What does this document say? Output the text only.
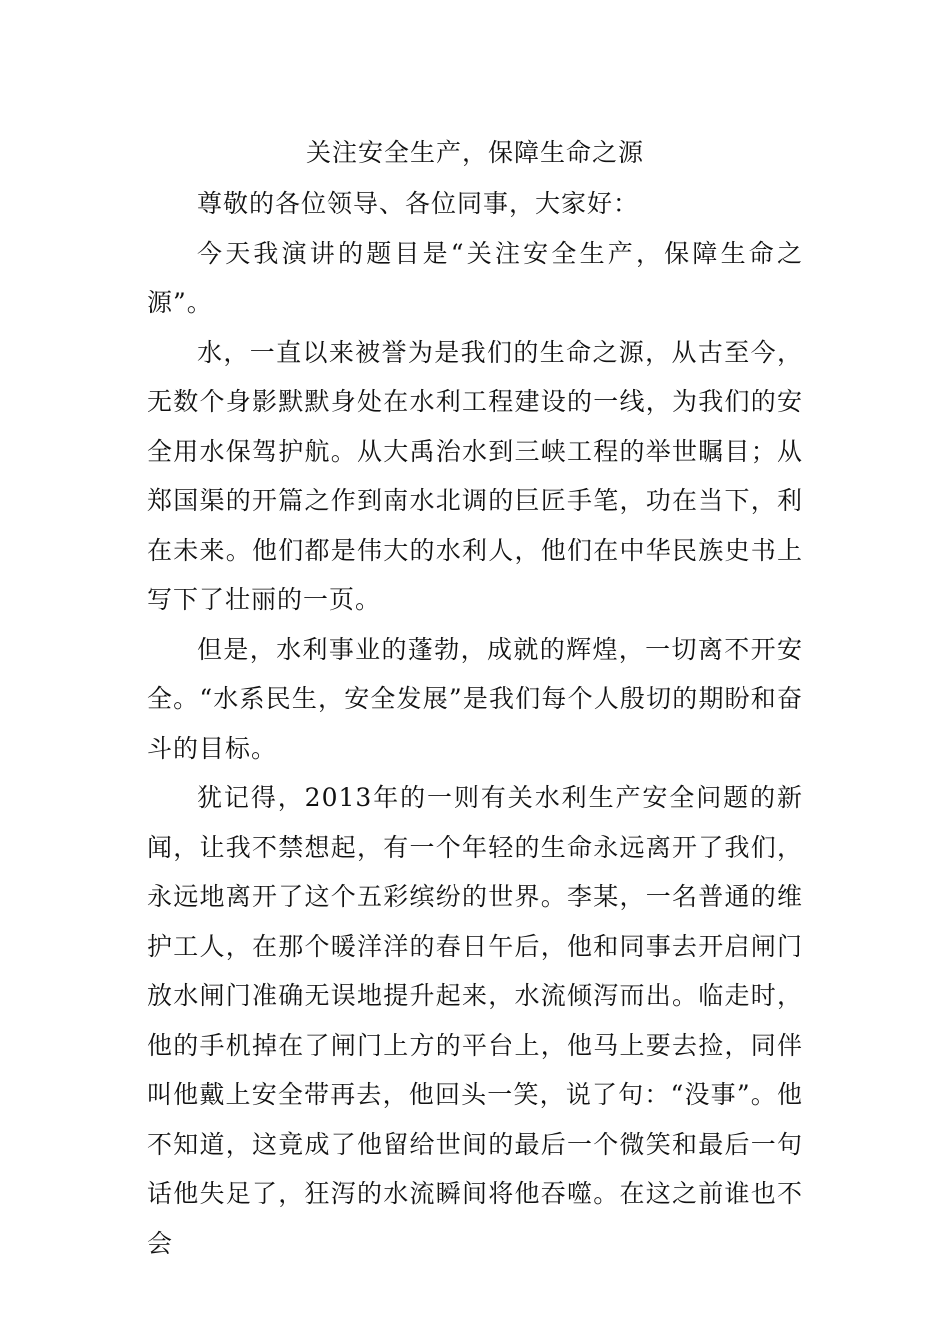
关注安全生产，保障生命之源

尊敬的各位领导、各位同事，大家好：

今天我演讲的题目是“关注安全生产，保障生命之源”。

水，一直以来被誉为是我们的生命之源，从古至今，无数个身影默默身处在水利工程建设的一线，为我们的安全用水保驾护航。从大禹治水到三峡工程的举世瞩目；从郑国渠的开篇之作到南水北调的巨匠手笔，功在当下，利在未来。他们都是伟大的水利人，他们在中华民族史书上写下了壮丽的一页。

但是，水利事业的蓬勃，成就的辉煌，一切离不开安全。“水系民生，安全发展”是我们每个人殷切的期盼和奋斗的目标。

犹记得，2013年的一则有关水利生产安全问题的新闻，让我不禁想起，有一个年轻的生命永远离开了我们，永远地离开了这个五彩缤纷的世界。李某，一名普通的维护工人，在那个暖洋洋的春日午后，他和同事去开启闸门放水闸门准确无误地提升起来，水流倾泻而出。临走时，他的手机掉在了闸门上方的平台上，他马上要去捡，同伴叫他戴上安全带再去，他回头一笑，说了句：“没事”。他不知道，这竟成了他留给世间的最后一个微笑和最后一句话他失足了，狂泻的水流瞬间将他吞噬。在这之前谁也不会
